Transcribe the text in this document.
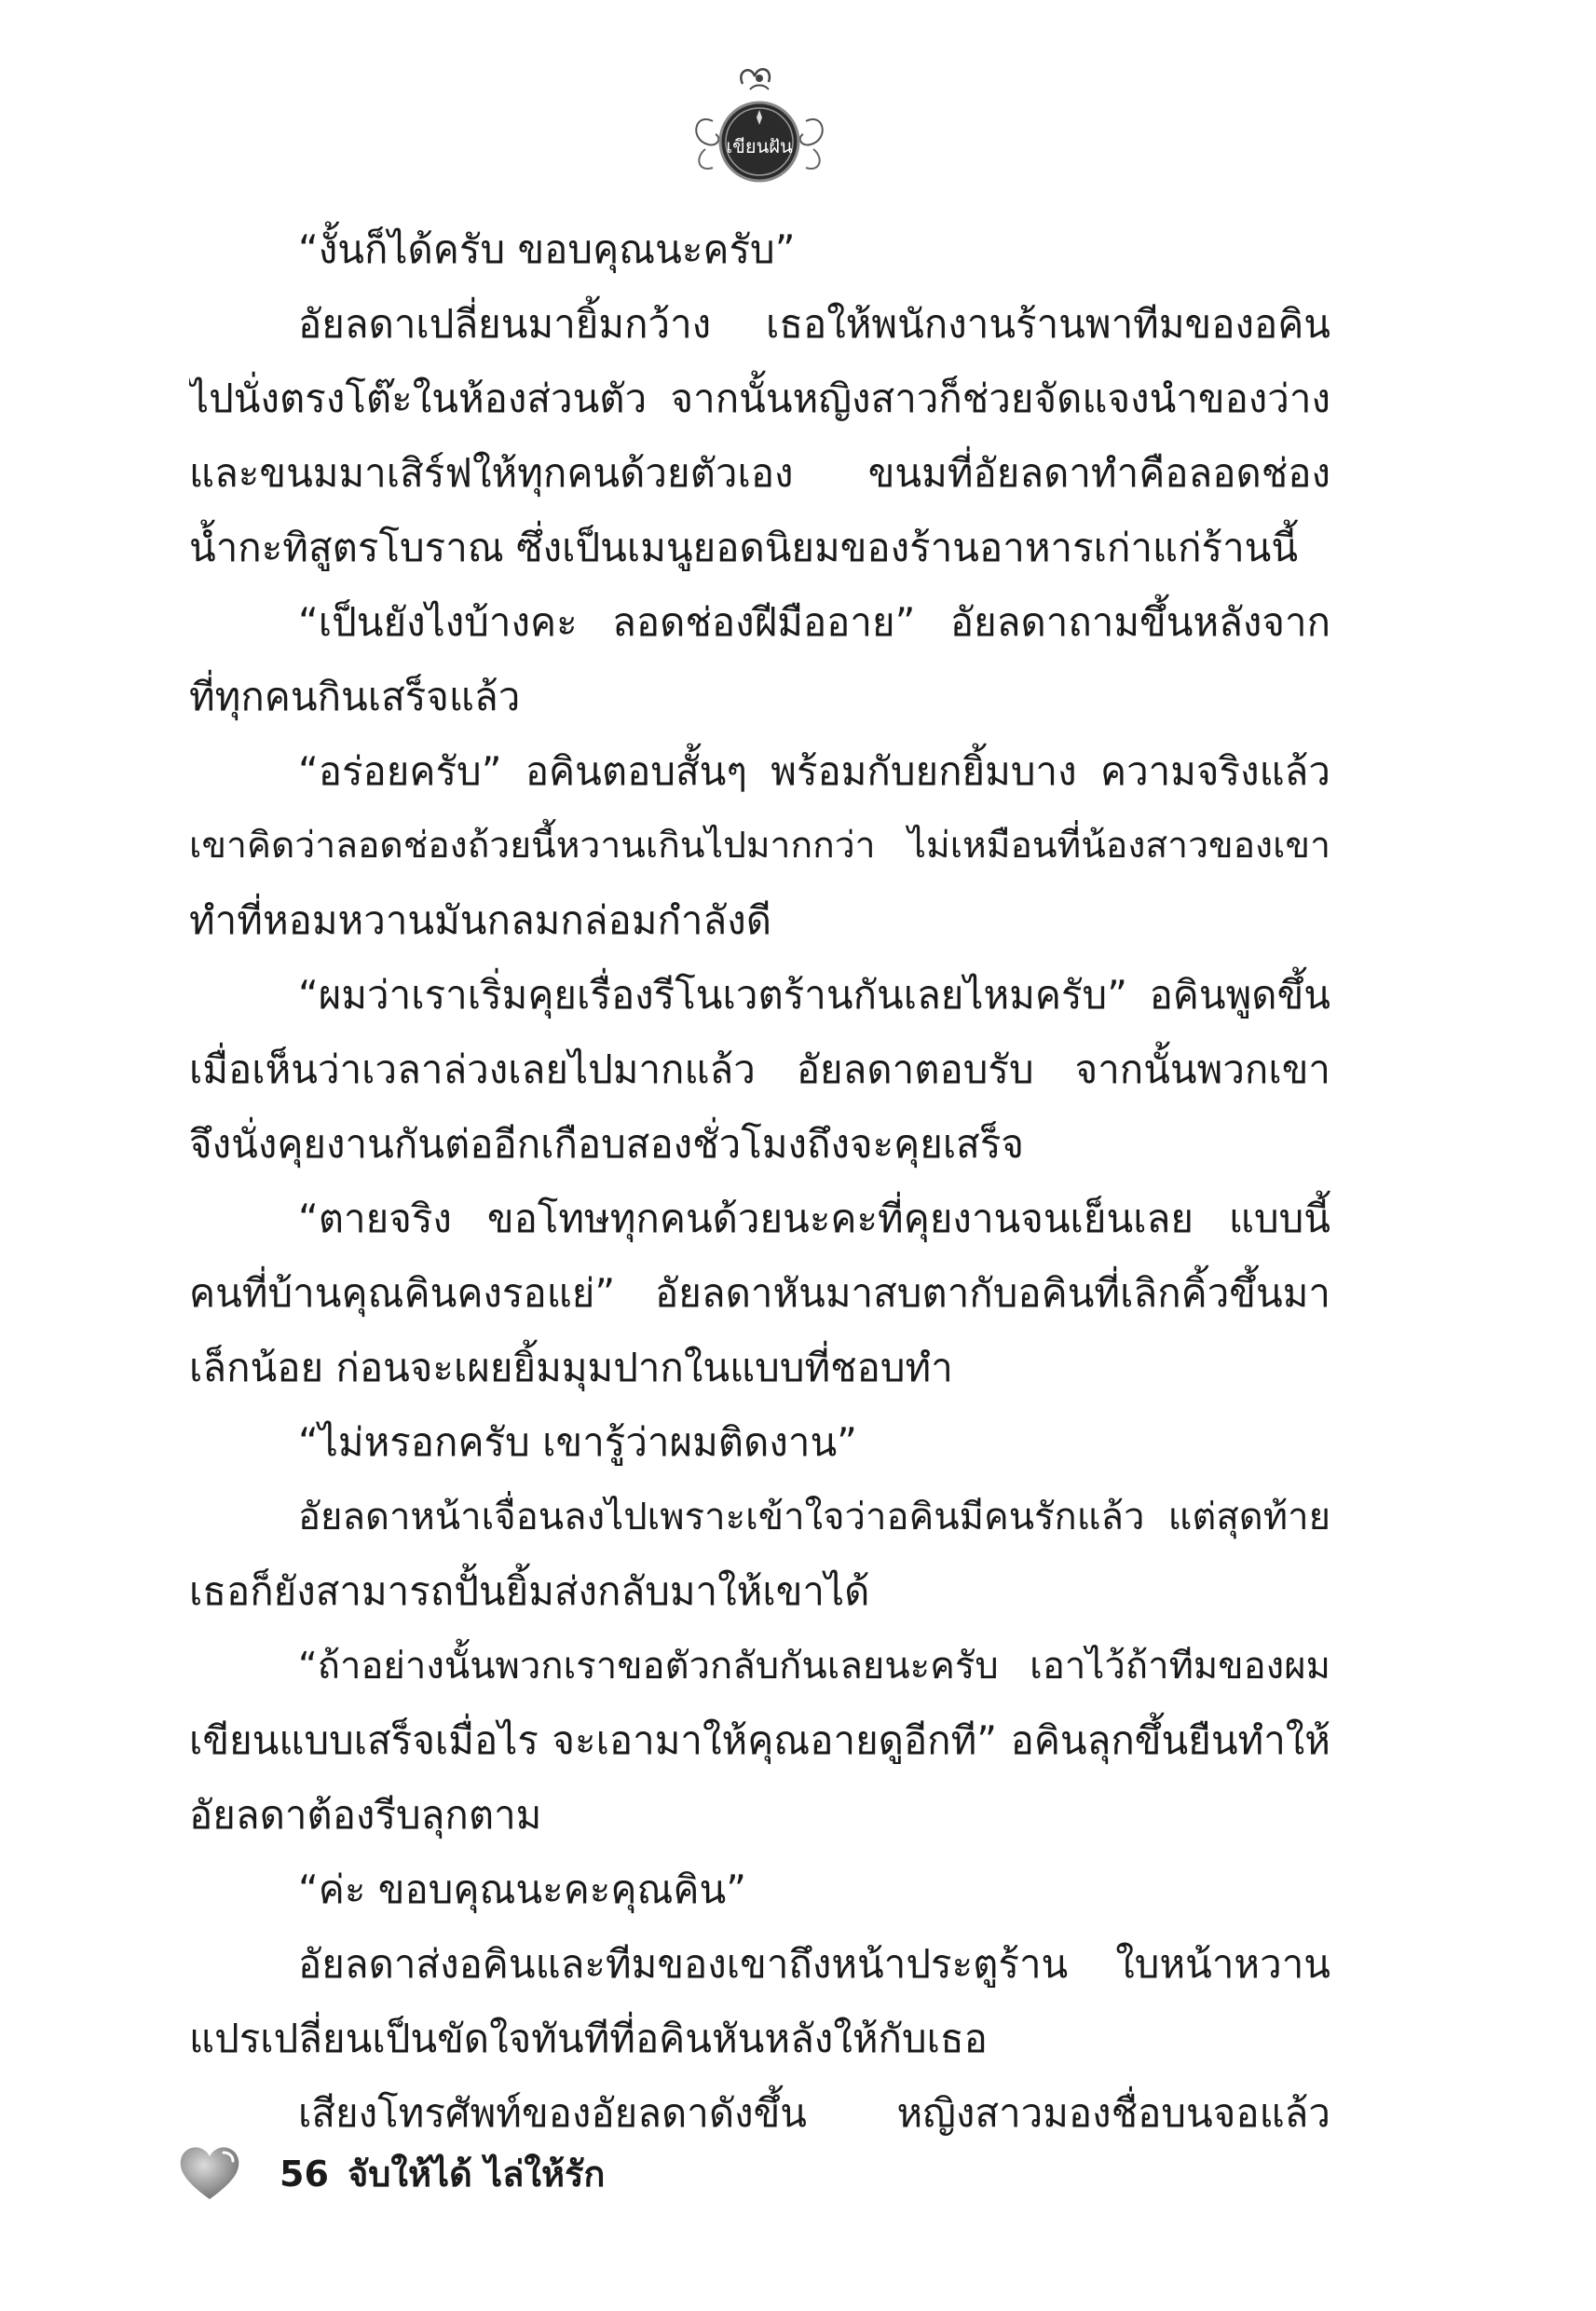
เขียนฝัน
“งั้นก็ได้ครับ ขอบคุณนะครับ”
อัยลดาเปลี่ยนมายิ้มกว้าง เธอให้พนักงานร้านพาทีมของอคิน
ไปนั่งตรงโต๊ะในห้องส่วนตัว จากนั้นหญิงสาวก็ช่วยจัดแจงนำของว่าง
และขนมมาเสิร์ฟให้ทุกคนด้วยตัวเอง ขนมที่อัยลดาทำคือลอดช่อง
น้ำกะทิสูตรโบราณ ซึ่งเป็นเมนูยอดนิยมของร้านอาหารเก่าแก่ร้านนี้
“เป็นยังไงบ้างคะ ลอดช่องฝีมืออาย” อัยลดาถามขึ้นหลังจาก
ที่ทุกคนกินเสร็จแล้ว
“อร่อยครับ” อคินตอบสั้นๆ พร้อมกับยกยิ้มบาง ความจริงแล้ว
เขาคิดว่าลอดช่องถ้วยนี้หวานเกินไปมากกว่า ไม่เหมือนที่น้องสาวของเขา
ทำที่หอมหวานมันกลมกล่อมกำลังดี
“ผมว่าเราเริ่มคุยเรื่องรีโนเวตร้านกันเลยไหมครับ” อคินพูดขึ้น
เมื่อเห็นว่าเวลาล่วงเลยไปมากแล้ว อัยลดาตอบรับ จากนั้นพวกเขา
จึงนั่งคุยงานกันต่ออีกเกือบสองชั่วโมงถึงจะคุยเสร็จ
“ตายจริง ขอโทษทุกคนด้วยนะคะที่คุยงานจนเย็นเลย แบบนี้
คนที่บ้านคุณคินคงรอแย่” อัยลดาหันมาสบตากับอคินที่เลิกคิ้วขึ้นมา
เล็กน้อย ก่อนจะเผยยิ้มมุมปากในแบบที่ชอบทำ
“ไม่หรอกครับ เขารู้ว่าผมติดงาน”
อัยลดาหน้าเจื่อนลงไปเพราะเข้าใจว่าอคินมีคนรักแล้ว แต่สุดท้าย
เธอก็ยังสามารถปั้นยิ้มส่งกลับมาให้เขาได้
“ถ้าอย่างนั้นพวกเราขอตัวกลับกันเลยนะครับ เอาไว้ถ้าทีมของผม
เขียนแบบเสร็จเมื่อไร จะเอามาให้คุณอายดูอีกที” อคินลุกขึ้นยืนทำให้
อัยลดาต้องรีบลุกตาม
“ค่ะ ขอบคุณนะคะคุณคิน”
อัยลดาส่งอคินและทีมของเขาถึงหน้าประตูร้าน ใบหน้าหวาน
แปรเปลี่ยนเป็นขัดใจทันทีที่อคินหันหลังให้กับเธอ
เสียงโทรศัพท์ของอัยลดาดังขึ้น หญิงสาวมองชื่อบนจอแล้ว
56 จับให้ได้ ไล่ให้รัก
